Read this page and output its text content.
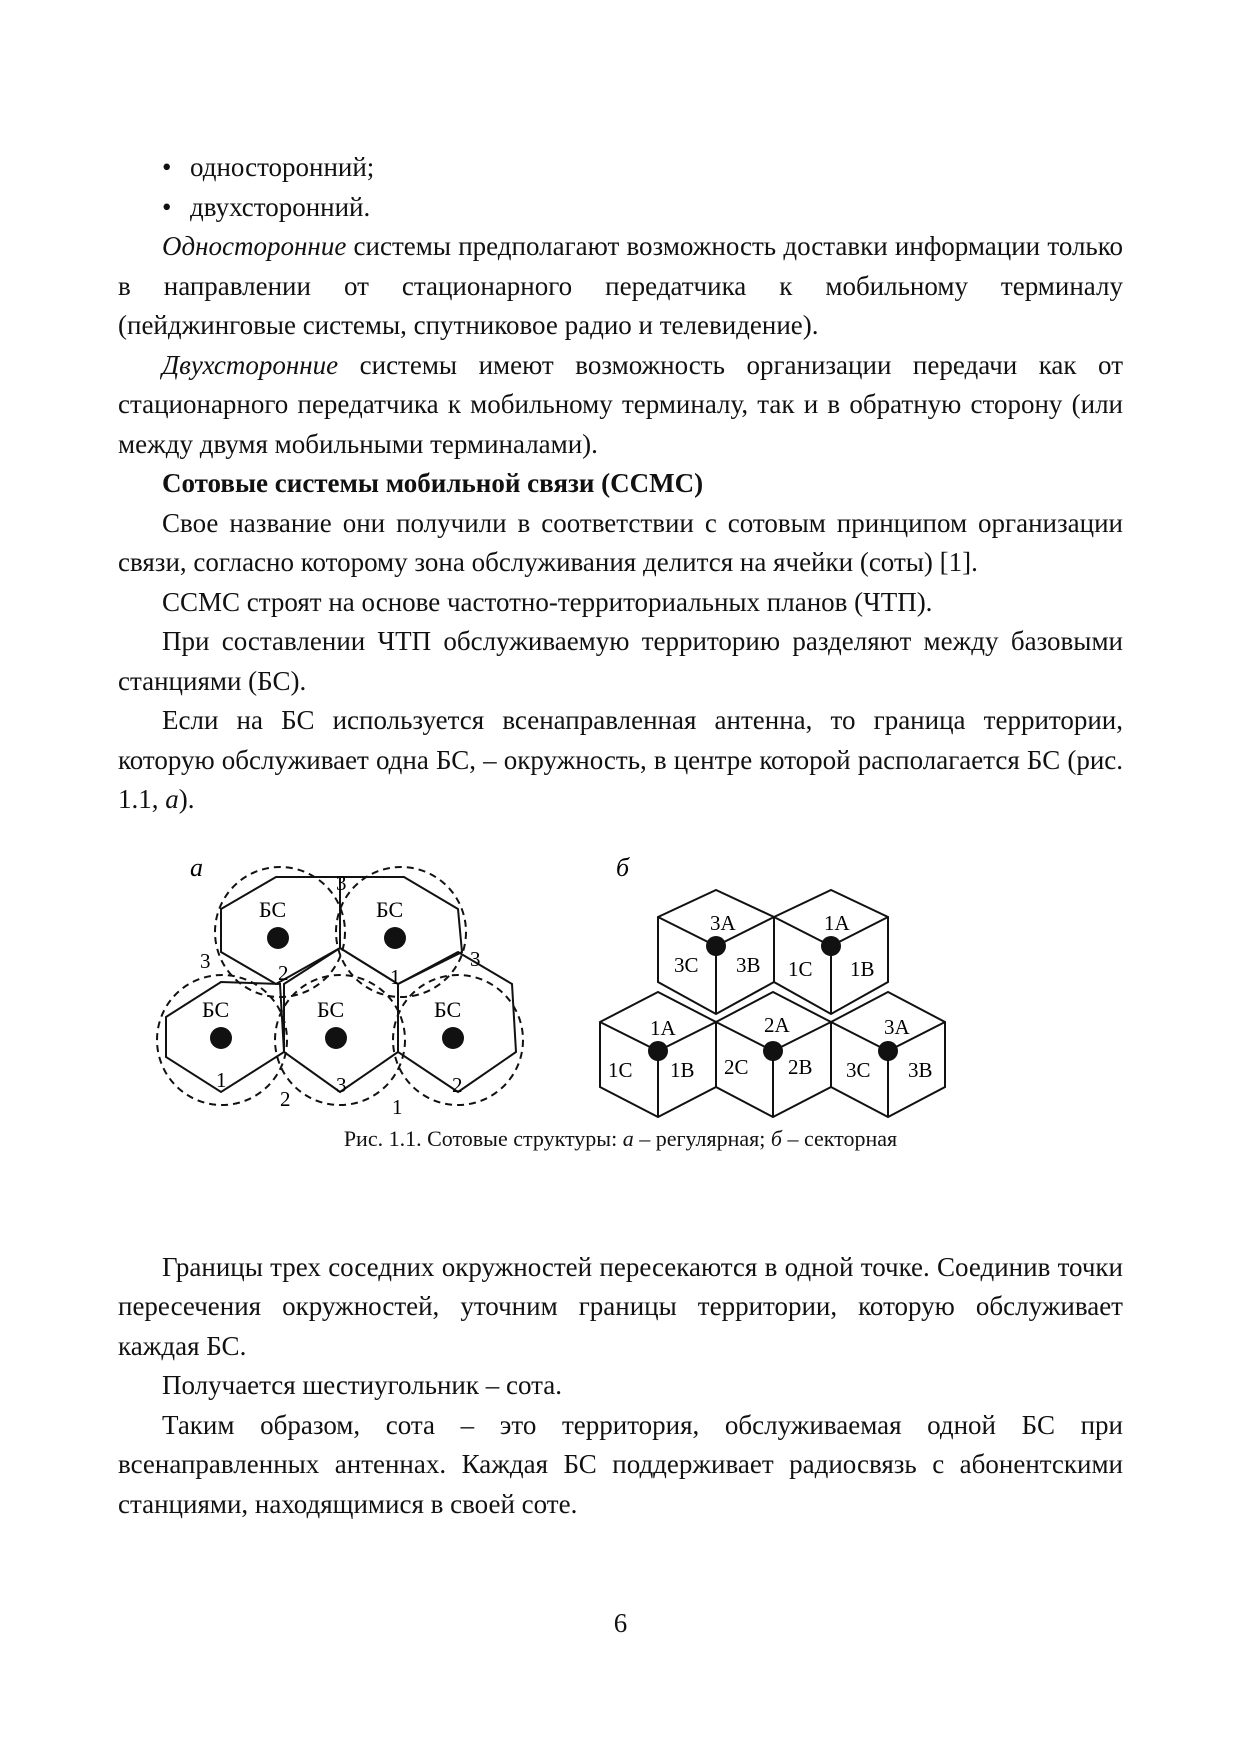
• односторонний;

• двухсторонний.

Односторонние системы предполагают возможность доставки информации только в направлении от стационарного передатчика к мобильному терминалу (пейджинговые системы, спутниковое радио и телевидение).

Двухсторонние системы имеют возможность организации передачи как от стационарного передатчика к мобильному терминалу, так и в обратную сторону (или между двумя мобильными терминалами).

Сотовые системы мобильной связи (ССМС)

Свое название они получили в соответствии с сотовым принципом организации связи, согласно которому зона обслуживания делится на ячейки (соты) [1].

ССМС строят на основе частотно-территориальных планов (ЧТП).

При составлении ЧТП обслуживаемую территорию разделяют между базовыми станциями (БС).

Если на БС используется всенаправленная антенна, то граница территории, которую обслуживает одна БС, – окружность, в центре которой располагается БС (рис. 1.1, а).

а	б
БС	БС
БС	БС	БС
3
3	3
2	1
1
2
3	2
1
3A
3C 3B
1A
1C 1B
1A
1C 1B
2A
2C 2B
3A
3C 3B

Рис. 1.1. Сотовые структуры: а – регулярная; б – секторная

Границы трех соседних окружностей пересекаются в одной точке. Соединив точки пересечения окружностей, уточним границы территории, которую обслуживает каждая БС.

Получается шестиугольник – сота.

Таким образом, сота – это территория, обслуживаемая одной БС при всенаправленных антеннах. Каждая БС поддерживает радиосвязь с абонентскими станциями, находящимися в своей соте.

6
